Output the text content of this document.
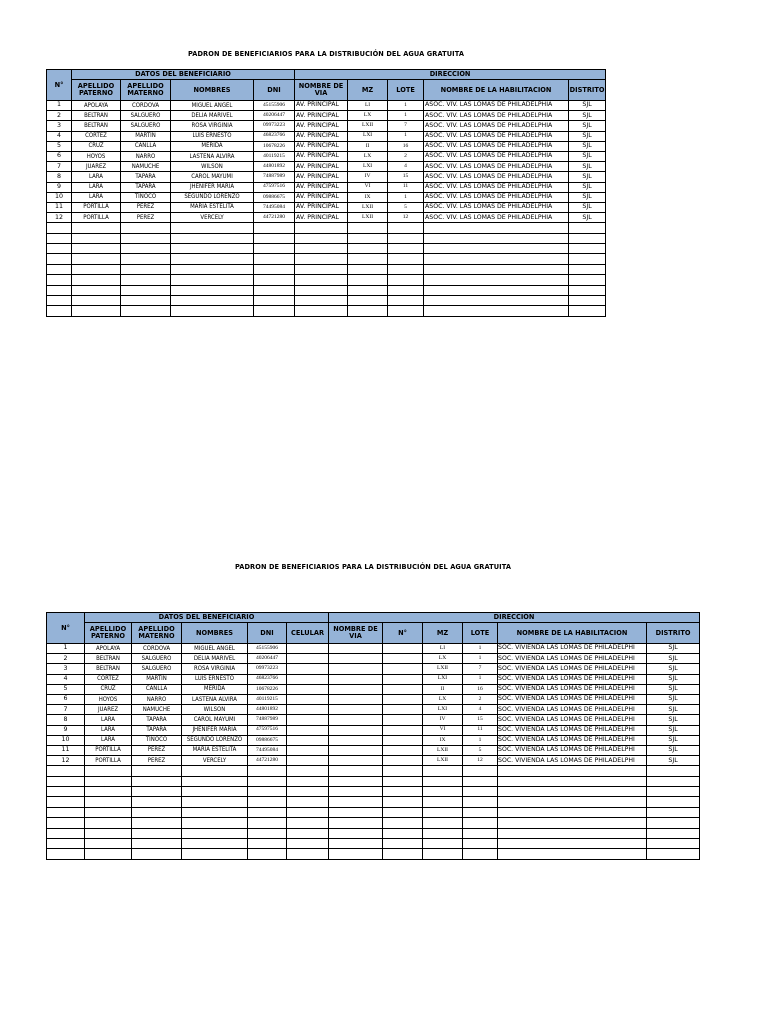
PADRON DE BENEFICIARIOS PARA LA DISTRIBUCIÓN DEL AGUA GRATUITA
N°	DATOS DEL BENEFICIARIO				DIRECCIÓN				
	APELLIDO PATERNO	APELLIDO MATERNO	NOMBRES	DNI	NOMBRE DE VIA	MZ	LOTE	NOMBRE DE LA HABILITACION	DISTRITO
1	APOLAYA	CORDOVA	MIGUEL ANGEL	45155906	AV. PRINCIPAL	LI	1	ASOC. VIV. LAS LOMAS DE PHILADELPHIA	SJL
2	BELTRAN	SALGUERO	DELIA MARIVEL	40206447	AV. PRINCIPAL	LX	1	ASOC. VIV. LAS LOMAS DE PHILADELPHIA	SJL
3	BELTRAN	SALGUERO	ROSA VIRGINIA	09973223	AV. PRINCIPAL	LXII	7	ASOC. VIV. LAS LOMAS DE PHILADELPHIA	SJL
4	CORTEZ	MARTIN	LUIS ERNESTO	46823766	AV. PRINCIPAL	LXI	1	ASOC. VIV. LAS LOMAS DE PHILADELPHIA	SJL
5	CRUZ	CANLLA	MERIDA	10678226	AV. PRINCIPAL	II	16	ASOC. VIV. LAS LOMAS DE PHILADELPHIA	SJL
6	HOYOS	NARRO	LASTENA ALVIRA	40119215	AV. PRINCIPAL	LX	2	ASOC. VIV. LAS LOMAS DE PHILADELPHIA	SJL
7	JUAREZ	NAMUCHE	WILSON	44801892	AV. PRINCIPAL	LXI	4	ASOC. VIV. LAS LOMAS DE PHILADELPHIA	SJL
8	LARA	TAPARA	CAROL MAYUMI	74887989	AV. PRINCIPAL	IV	15	ASOC. VIV. LAS LOMAS DE PHILADELPHIA	SJL
9	LARA	TAPARA	JHENIFER MARIA	47597516	AV. PRINCIPAL	VI	11	ASOC. VIV. LAS LOMAS DE PHILADELPHIA	SJL
10	LARA	TINOCO	SEGUNDO LORENZO	09886675	AV. PRINCIPAL	IX	1	ASOC. VIV. LAS LOMAS DE PHILADELPHIA	SJL
11	PORTILLA	PEREZ	MARIA ESTELITA	74495084	AV. PRINCIPAL	LXII	5	ASOC. VIV. LAS LOMAS DE PHILADELPHIA	SJL
12	PORTILLA	PEREZ	VERCELY	44721280	AV. PRINCIPAL	LXII	12	ASOC. VIV. LAS LOMAS DE PHILADELPHIA	SJL

PADRON DE BENEFICIARIOS PARA LA DISTRIBUCIÓN DEL AGUA GRATUITA
N°	DATOS DEL BENEFICIARIO					DIRECCIÓN					
	APELLIDO PATERNO	APELLIDO MATERNO	NOMBRES	DNI	CELULAR	NOMBRE DE VIA	N°	MZ	LOTE	NOMBRE DE LA HABILITACION	DISTRITO
1	APOLAYA	CORDOVA	MIGUEL ANGEL	45155906				LI	1	SOC. VIVIENDA LAS LOMAS DE PHILADELPHI	SJL
2	BELTRAN	SALGUERO	DELIA MARIVEL	40206447				LX	1	SOC. VIVIENDA LAS LOMAS DE PHILADELPHI	SJL
3	BELTRAN	SALGUERO	ROSA VIRGINIA	09973223				LXII	7	SOC. VIVIENDA LAS LOMAS DE PHILADELPHI	SJL
4	CORTEZ	MARTIN	LUIS ERNESTO	46823766				LXI	1	SOC. VIVIENDA LAS LOMAS DE PHILADELPHI	SJL
5	CRUZ	CANLLA	MERIDA	10678226				II	16	SOC. VIVIENDA LAS LOMAS DE PHILADELPHI	SJL
6	HOYOS	NARRO	LASTENA ALVIRA	40119215				LX	2	SOC. VIVIENDA LAS LOMAS DE PHILADELPHI	SJL
7	JUAREZ	NAMUCHE	WILSON	44801892				LXI	4	SOC. VIVIENDA LAS LOMAS DE PHILADELPHI	SJL
8	LARA	TAPARA	CAROL MAYUMI	74887989				IV	15	SOC. VIVIENDA LAS LOMAS DE PHILADELPHI	SJL
9	LARA	TAPARA	JHENIFER MARIA	47597516				VI	11	SOC. VIVIENDA LAS LOMAS DE PHILADELPHI	SJL
10	LARA	TINOCO	SEGUNDO LORENZO	09886675				IX	1	SOC. VIVIENDA LAS LOMAS DE PHILADELPHI	SJL
11	PORTILLA	PEREZ	MARIA ESTELITA	74495084				LXII	5	SOC. VIVIENDA LAS LOMAS DE PHILADELPHI	SJL
12	PORTILLA	PEREZ	VERCELY	44721280				LXII	12	SOC. VIVIENDA LAS LOMAS DE PHILADELPHI	SJL
